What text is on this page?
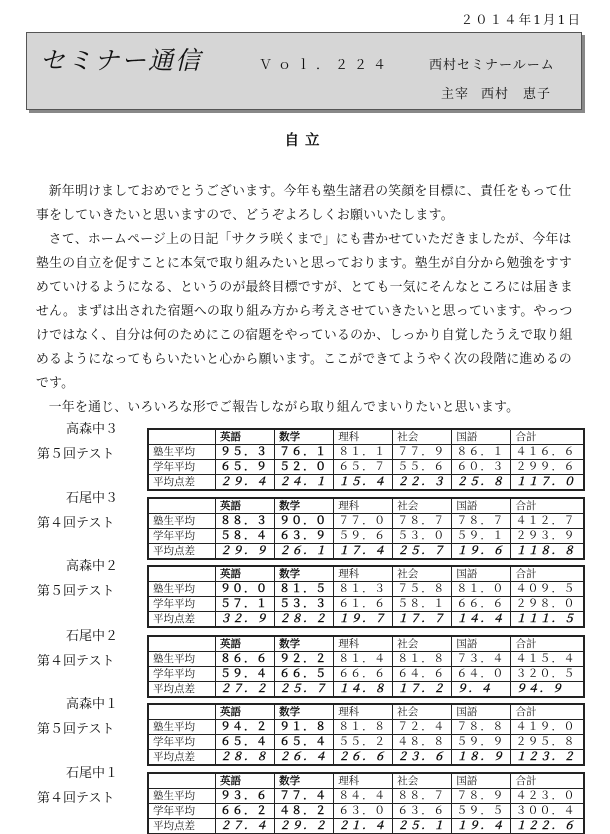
２０１４年1月1日
セミナー通信	Ｖｏｌ．２２４	西村セミナールーム
主宰 西村　恵子
自立

新年明けましておめでとうございます。今年も塾生諸君の笑顔を目標に、責任をもって仕事をしていきたいと思いますので、どうぞよろしくお願いいたします。

さて、ホームページ上の日記「サクラ咲くまで」にも書かせていただきましたが、今年は塾生の自立を促すことに本気で取り組みたいと思っております。塾生が自分から勉強をすすめていけるようになる、というのが最終目標ですが、とても一気にそんなところには届きません。まずは出された宿題への取り組み方から考えさせていきたいと思っています。やっつけではなく、自分は何のためにこの宿題をやっているのか、しっかり自覚したうえで取り組めるようになってもらいたいと心から願います。ここができてようやく次の段階に進めるのです。

一年を通じ、いろいろな形でご報告しながら取り組んでまいりたいと思います。

高森中３
第５回テスト
	英語	数学	理科	社会	国語	合計
塾生平均	９５．３	７６．１	８１．１	７７．９	８６．１	４１６．６
学年平均	６５．９	５２．０	６５．７	５５．６	６０．３	２９９．６
平均点差	２９．４	２４．１	１５．４	２２．３	２５．８	１１７．０
石尾中３
第４回テスト
	英語	数学	理科	社会	国語	合計
塾生平均	８８．３	９０．０	７７．０	７８．７	７８．７	４１２．７
学年平均	５８．４	６３．９	５９．６	５３．０	５９．１	２９３．９
平均点差	２９．９	２６．１	１７．４	２５．７	１９．６	１１８．８
高森中２
第５回テスト
	英語	数学	理科	社会	国語	合計
塾生平均	９０．０	８１．５	８１．３	７５．８	８１．０	４０９．５
学年平均	５７．１	５３．３	６１．６	５８．１	６６．６	２９８．０
平均点差	３２．９	２８．２	１９．７	１７．７	１４．４	１１１．５
石尾中２
第４回テスト
	英語	数学	理科	社会	国語	合計
塾生平均	８６．６	９２．２	８１．４	８１．８	７３．４	４１５．４
学年平均	５９．４	６６．５	６６．６	６４．６	６４．０	３２０．５
平均点差	２７．２	２５．７	１４．８	１７．２	９．４	９４．９
高森中１
第５回テスト
	英語	数学	理科	社会	国語	合計
塾生平均	９４．２	９１．８	８１．８	７２．４	７８．８	４１９．０
学年平均	６５．４	６５．４	５５．２	４８．８	５９．９	２９５．８
平均点差	２８．８	２６．４	２６．６	２３．６	１８．９	１２３．２
石尾中１
第４回テスト
	英語	数学	理科	社会	国語	合計
塾生平均	９３．６	７７．４	８４．４	８８．７	７８．９	４２３．０
学年平均	６６．２	４８．２	６３．０	６３．６	５９．５	３００．４
平均点差	２７．４	２９．２	２１．４	２５．１	１９．４	１２２．６
